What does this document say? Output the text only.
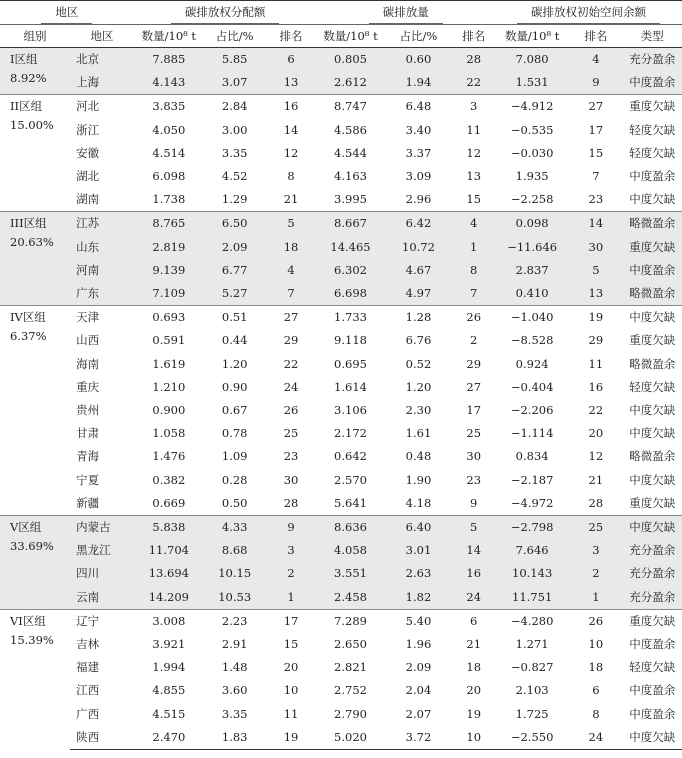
地区		碳排放权分配额			碳排放量			碳排放权初始空间余额		
组别	地区	数量/10⁸ t	占比/%	排名	数量/10⁸ t	占比/%	排名	数量/10⁸ t	排名	类型

I区组
8.92%	北京	7.885	5.85	6	0.805	0.60	28	7.080	4	充分盈余
	上海	4.143	3.07	13	2.612	1.94	22	1.531	9	中度盈余

II区组
15.00%	河北	3.835	2.84	16	8.747	6.48	3	−4.912	27	重度欠缺
	浙江	4.050	3.00	14	4.586	3.40	11	−0.535	17	轻度欠缺
	安徽	4.514	3.35	12	4.544	3.37	12	−0.030	15	轻度欠缺
	湖北	6.098	4.52	8	4.163	3.09	13	1.935	7	中度盈余
	湖南	1.738	1.29	21	3.995	2.96	15	−2.258	23	中度欠缺

III区组
20.63%	江苏	8.765	6.50	5	8.667	6.42	4	0.098	14	略微盈余
	山东	2.819	2.09	18	14.465	10.72	1	−11.646	30	重度欠缺
	河南	9.139	6.77	4	6.302	4.67	8	2.837	5	中度盈余
	广东	7.109	5.27	7	6.698	4.97	7	0.410	13	略微盈余

IV区组
6.37%	天津	0.693	0.51	27	1.733	1.28	26	−1.040	19	中度欠缺
	山西	0.591	0.44	29	9.118	6.76	2	−8.528	29	重度欠缺
	海南	1.619	1.20	22	0.695	0.52	29	0.924	11	略微盈余
	重庆	1.210	0.90	24	1.614	1.20	27	−0.404	16	轻度欠缺
	贵州	0.900	0.67	26	3.106	2.30	17	−2.206	22	中度欠缺
	甘肃	1.058	0.78	25	2.172	1.61	25	−1.114	20	中度欠缺
	青海	1.476	1.09	23	0.642	0.48	30	0.834	12	略微盈余
	宁夏	0.382	0.28	30	2.570	1.90	23	−2.187	21	中度欠缺
	新疆	0.669	0.50	28	5.641	4.18	9	−4.972	28	重度欠缺

V区组
33.69%	内蒙古	5.838	4.33	9	8.636	6.40	5	−2.798	25	中度欠缺
	黑龙江	11.704	8.68	3	4.058	3.01	14	7.646	3	充分盈余
	四川	13.694	10.15	2	3.551	2.63	16	10.143	2	充分盈余
	云南	14.209	10.53	1	2.458	1.82	24	11.751	1	充分盈余

VI区组
15.39%	辽宁	3.008	2.23	17	7.289	5.40	6	−4.280	26	重度欠缺
	吉林	3.921	2.91	15	2.650	1.96	21	1.271	10	中度盈余
	福建	1.994	1.48	20	2.821	2.09	18	−0.827	18	轻度欠缺
	江西	4.855	3.60	10	2.752	2.04	20	2.103	6	中度盈余
	广西	4.515	3.35	11	2.790	2.07	19	1.725	8	中度盈余
	陕西	2.470	1.83	19	5.020	3.72	10	−2.550	24	中度欠缺
